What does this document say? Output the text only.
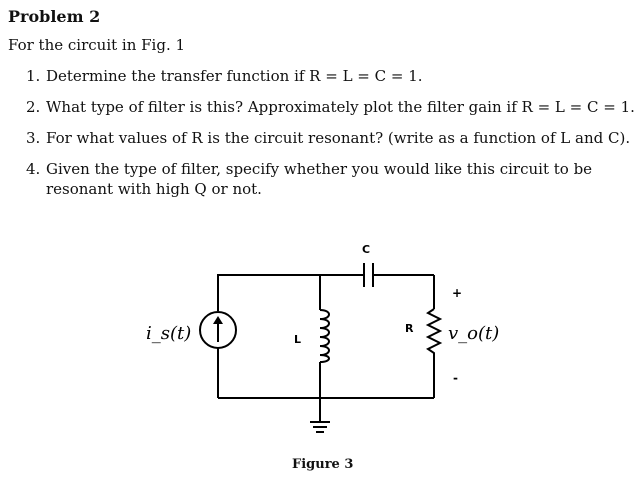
Problem 2
For the circuit in Fig. 1
1. Determine the transfer function if R = L = C = 1.
2. What type of filter is this? Approximately plot the filter gain if R = L = C = 1.
3. For what values of R is the circuit resonant? (write as a function of L and C).
4. Given the type of filter, specify whether you would like this circuit to be resonant with high Q or not.
i_s(t)	L
C
R v_o(t)
+
-
Figure 3
